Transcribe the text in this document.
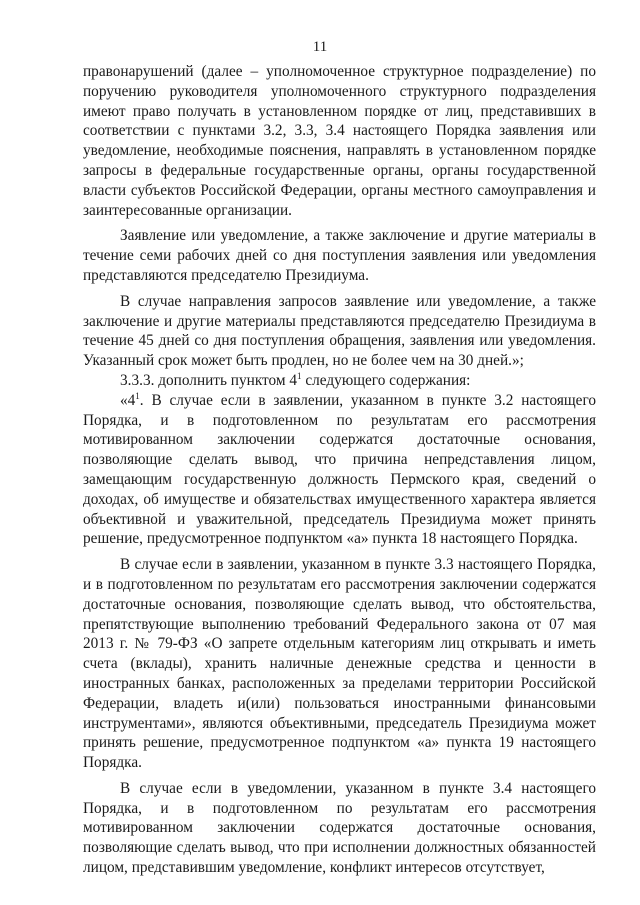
11

правонарушений (далее – уполномоченное структурное подразделение) по поручению руководителя уполномоченного структурного подразделения имеют право получать в установленном порядке от лиц, представивших в соответствии с пунктами 3.2, 3.3, 3.4 настоящего Порядка заявления или уведомление, необходимые пояснения, направлять в установленном порядке запросы в федеральные государственные органы, органы государственной власти субъектов Российской Федерации, органы местного самоуправления и заинтересованные организации.

Заявление или уведомление, а также заключение и другие материалы в течение семи рабочих дней со дня поступления заявления или уведомления представляются председателю Президиума.

В случае направления запросов заявление или уведомление, а также заключение и другие материалы представляются председателю Президиума в течение 45 дней со дня поступления обращения, заявления или уведомления. Указанный срок может быть продлен, но не более чем на 30 дней.»;

3.3.3. дополнить пунктом $4^1$ следующего содержания:

«$4^1$. В случае если в заявлении, указанном в пункте 3.2 настоящего Порядка, и в подготовленном по результатам его рассмотрения мотивированном заключении содержатся достаточные основания, позволяющие сделать вывод, что причина непредставления лицом, замещающим государственную должность Пермского края, сведений о доходах, об имуществе и обязательствах имущественного характера является объективной и уважительной, председатель Президиума может принять решение, предусмотренное подпунктом «а» пункта 18 настоящего Порядка.

В случае если в заявлении, указанном в пункте 3.3 настоящего Порядка, и в подготовленном по результатам его рассмотрения заключении содержатся достаточные основания, позволяющие сделать вывод, что обстоятельства, препятствующие выполнению требований Федерального закона от 07 мая 2013 г. № 79-ФЗ «О запрете отдельным категориям лиц открывать и иметь счета (вклады), хранить наличные денежные средства и ценности в иностранных банках, расположенных за пределами территории Российской Федерации, владеть и(или) пользоваться иностранными финансовыми инструментами», являются объективными, председатель Президиума может принять решение, предусмотренное подпунктом «а» пункта 19 настоящего Порядка.

В случае если в уведомлении, указанном в пункте 3.4 настоящего Порядка, и в подготовленном по результатам его рассмотрения мотивированном заключении содержатся достаточные основания, позволяющие сделать вывод, что при исполнении должностных обязанностей лицом, представившим уведомление, конфликт интересов отсутствует,
